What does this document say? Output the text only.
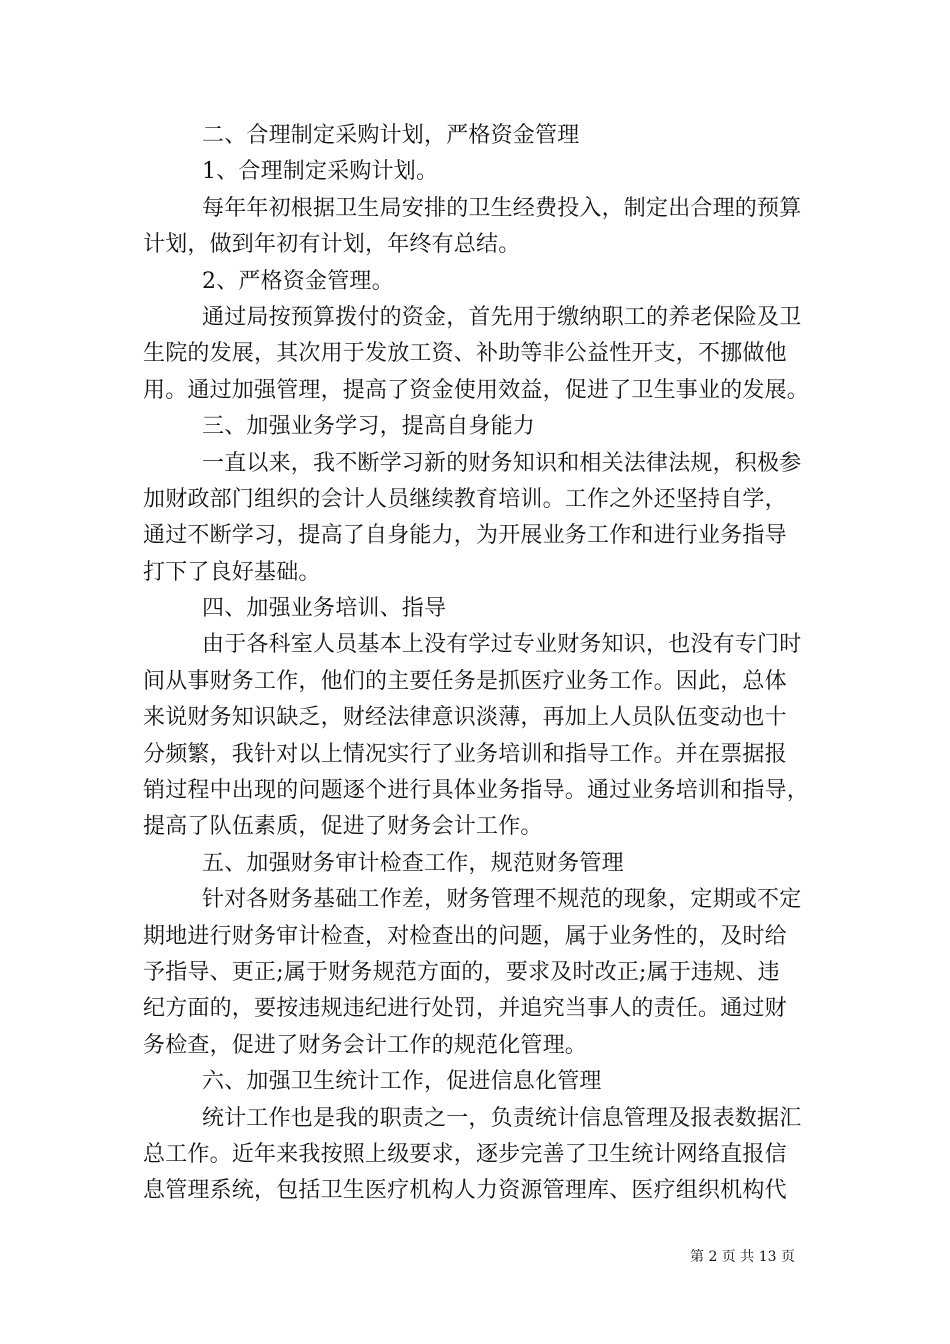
二、合理制定采购计划，严格资金管理
1、合理制定采购计划。
每年年初根据卫生局安排的卫生经费投入，制定出合理的预算
计划，做到年初有计划，年终有总结。
2、严格资金管理。
通过局按预算拨付的资金，首先用于缴纳职工的养老保险及卫
生院的发展，其次用于发放工资、补助等非公益性开支，不挪做他
用。通过加强管理，提高了资金使用效益，促进了卫生事业的发展。
三、加强业务学习，提高自身能力
一直以来，我不断学习新的财务知识和相关法律法规，积极参
加财政部门组织的会计人员继续教育培训。工作之外还坚持自学，
通过不断学习，提高了自身能力，为开展业务工作和进行业务指导
打下了良好基础。
四、加强业务培训、指导
由于各科室人员基本上没有学过专业财务知识，也没有专门时
间从事财务工作，他们的主要任务是抓医疗业务工作。因此，总体
来说财务知识缺乏，财经法律意识淡薄，再加上人员队伍变动也十
分频繁，我针对以上情况实行了业务培训和指导工作。并在票据报
销过程中出现的问题逐个进行具体业务指导。通过业务培训和指导，
提高了队伍素质，促进了财务会计工作。
五、加强财务审计检查工作，规范财务管理
针对各财务基础工作差，财务管理不规范的现象，定期或不定
期地进行财务审计检查，对检查出的问题，属于业务性的，及时给
予指导、更正;属于财务规范方面的，要求及时改正;属于违规、违
纪方面的，要按违规违纪进行处罚，并追究当事人的责任。通过财
务检查，促进了财务会计工作的规范化管理。
六、加强卫生统计工作，促进信息化管理
统计工作也是我的职责之一，负责统计信息管理及报表数据汇
总工作。近年来我按照上级要求，逐步完善了卫生统计网络直报信
息管理系统，包括卫生医疗机构人力资源管理库、医疗组织机构代
第 2 页 共 13 页
